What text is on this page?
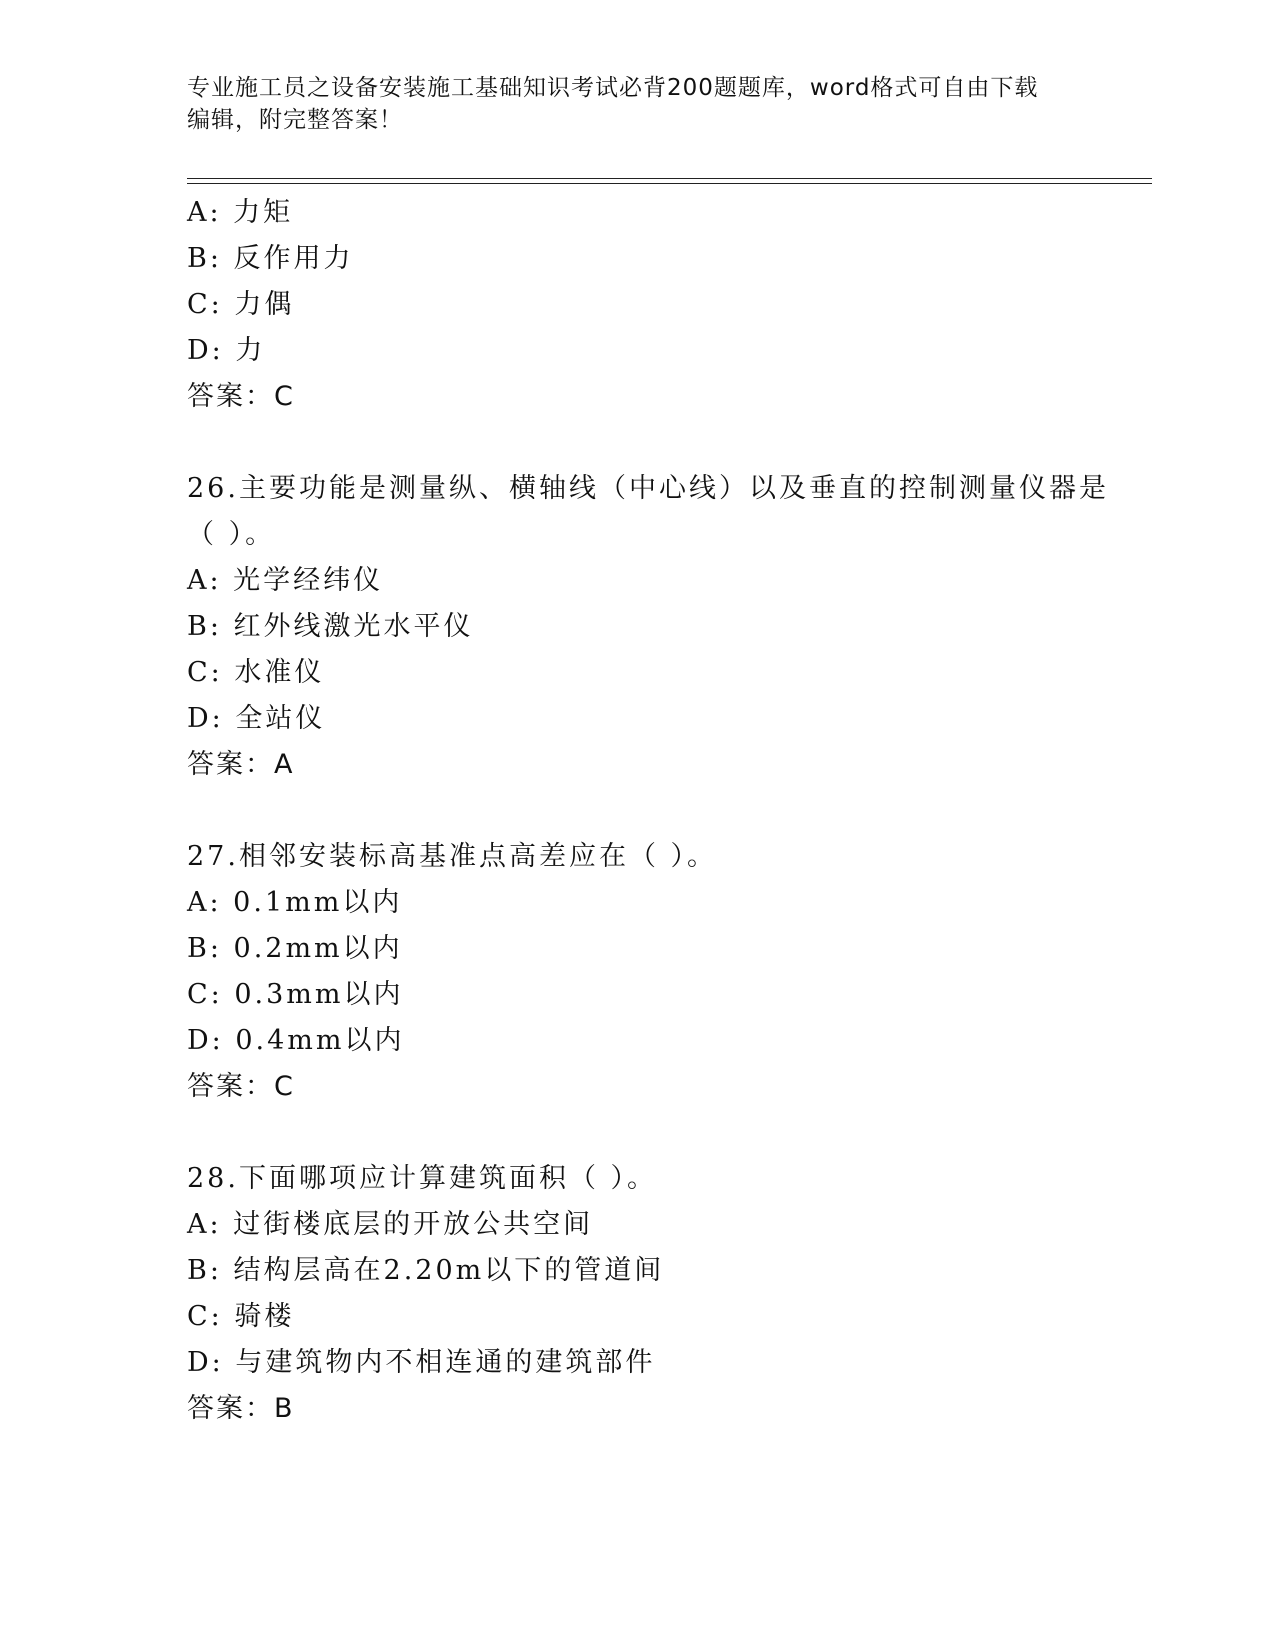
专业施工员之设备安装施工基础知识考试必背200题题库，word格式可自由下载
编辑，附完整答案！
A: 力矩
B: 反作用力
C: 力偶
D: 力
答案：C
26.主要功能是测量纵、横轴线（中心线）以及垂直的控制测量仪器是
（ ）。
A: 光学经纬仪
B: 红外线激光水平仪
C: 水准仪
D: 全站仪
答案：A
27.相邻安装标高基准点高差应在（ ）。
A: 0.1mm以内
B: 0.2mm以内
C: 0.3mm以内
D: 0.4mm以内
答案：C
28.下面哪项应计算建筑面积（ ）。
A: 过街楼底层的开放公共空间
B: 结构层高在2.20m以下的管道间
C: 骑楼
D: 与建筑物内不相连通的建筑部件
答案：B
